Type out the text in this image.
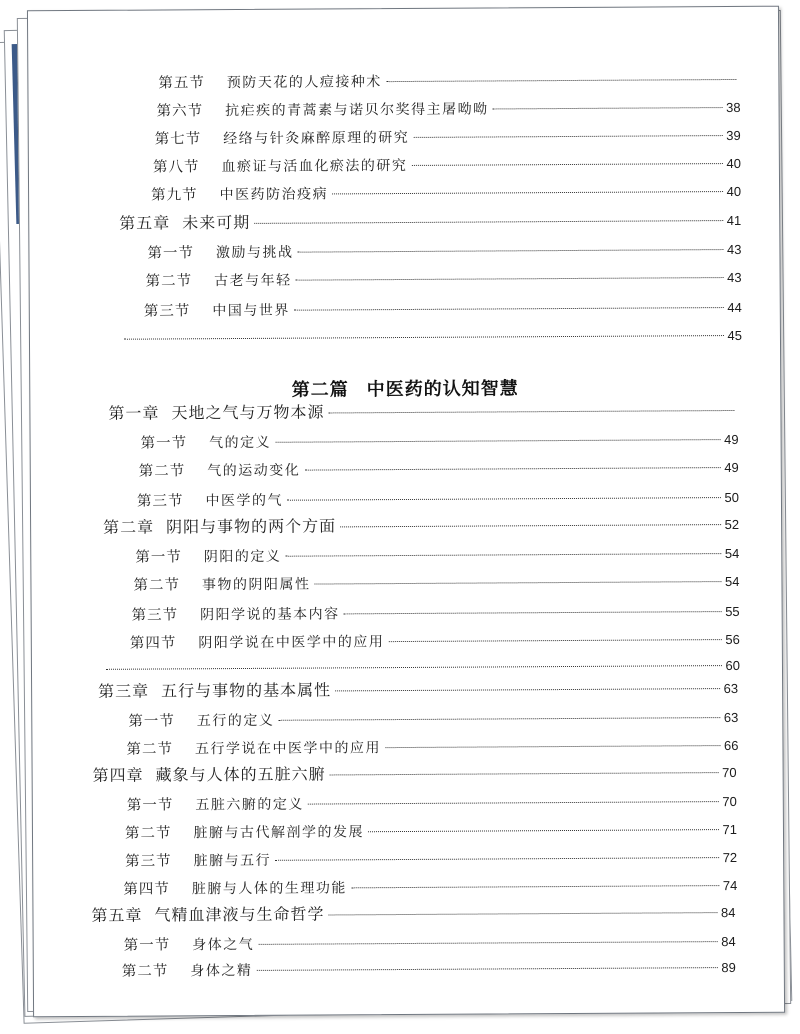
第二篇 中医药的认知智慧
第五节 预防天花的人痘接种术
第六节 抗疟疾的青蒿素与诺贝尔奖得主屠呦呦	38
第七节 经络与针灸麻醉原理的研究	39
第八节 血瘀证与活血化瘀法的研究	40
第九节 中医药防治疫病	40
第五章 未来可期	41
第一节 激励与挑战	43
第二节 古老与年轻	43
第三节 中国与世界	44
45
第一章 天地之气与万物本源
第一节 气的定义	49
第二节 气的运动变化	49
第三节 中医学的气	50
第二章 阴阳与事物的两个方面	52
第一节 阴阳的定义	54
第二节 事物的阴阳属性	54
第三节 阴阳学说的基本内容	55
第四节 阴阳学说在中医学中的应用	56
60
第三章 五行与事物的基本属性	63
第一节 五行的定义	63
第二节 五行学说在中医学中的应用	66
第四章 藏象与人体的五脏六腑	70
第一节 五脏六腑的定义	70
第二节 脏腑与古代解剖学的发展	71
第三节 脏腑与五行	72
第四节 脏腑与人体的生理功能	74
第五章 气精血津液与生命哲学	84
第一节 身体之气	84
第二节 身体之精	89
